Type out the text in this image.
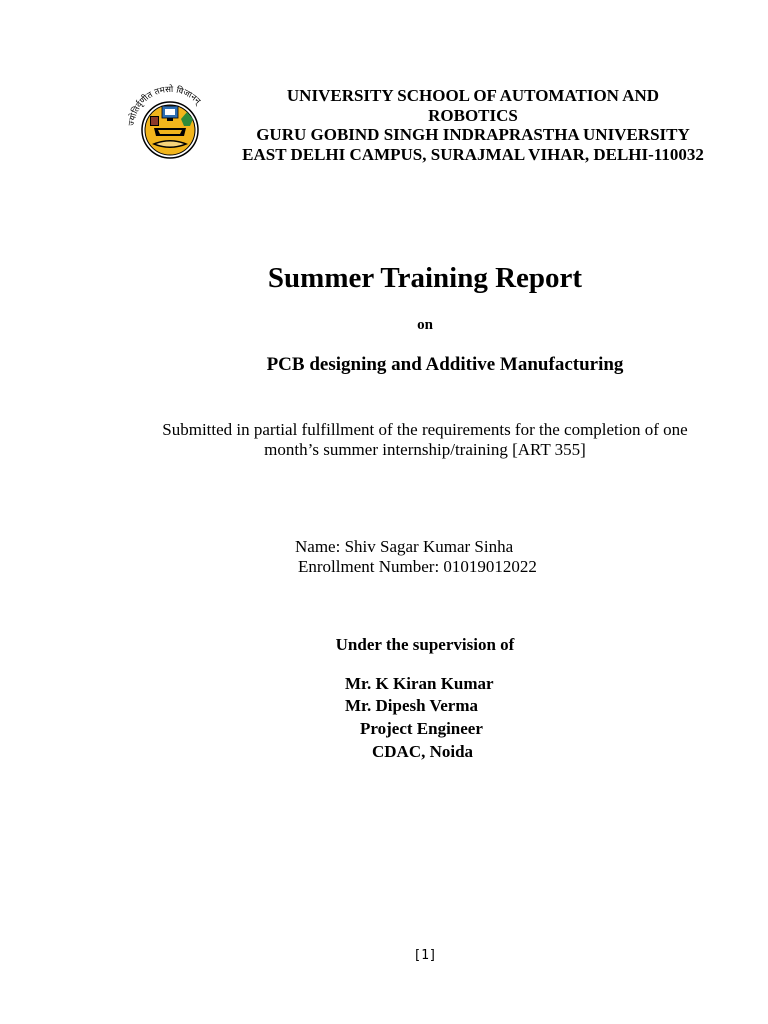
ज्योतिर्वृणीत तमसो विजानन्	UNIVERSITY SCHOOL OF AUTOMATION AND
ROBOTICS
GURU GOBIND SINGH INDRAPRASTHA UNIVERSITY
EAST DELHI CAMPUS, SURAJMAL VIHAR, DELHI-110032
Summer Training Report
on
PCB designing and Additive Manufacturing
Submitted in partial fulfillment of the requirements for the completion of one
month’s summer internship/training [ART 355]
Name: Shiv Sagar Kumar Sinha
Enrollment Number: 01019012022
Under the supervision of
Mr. K Kiran Kumar
Mr. Dipesh Verma
Project Engineer
CDAC, Noida
[1]
